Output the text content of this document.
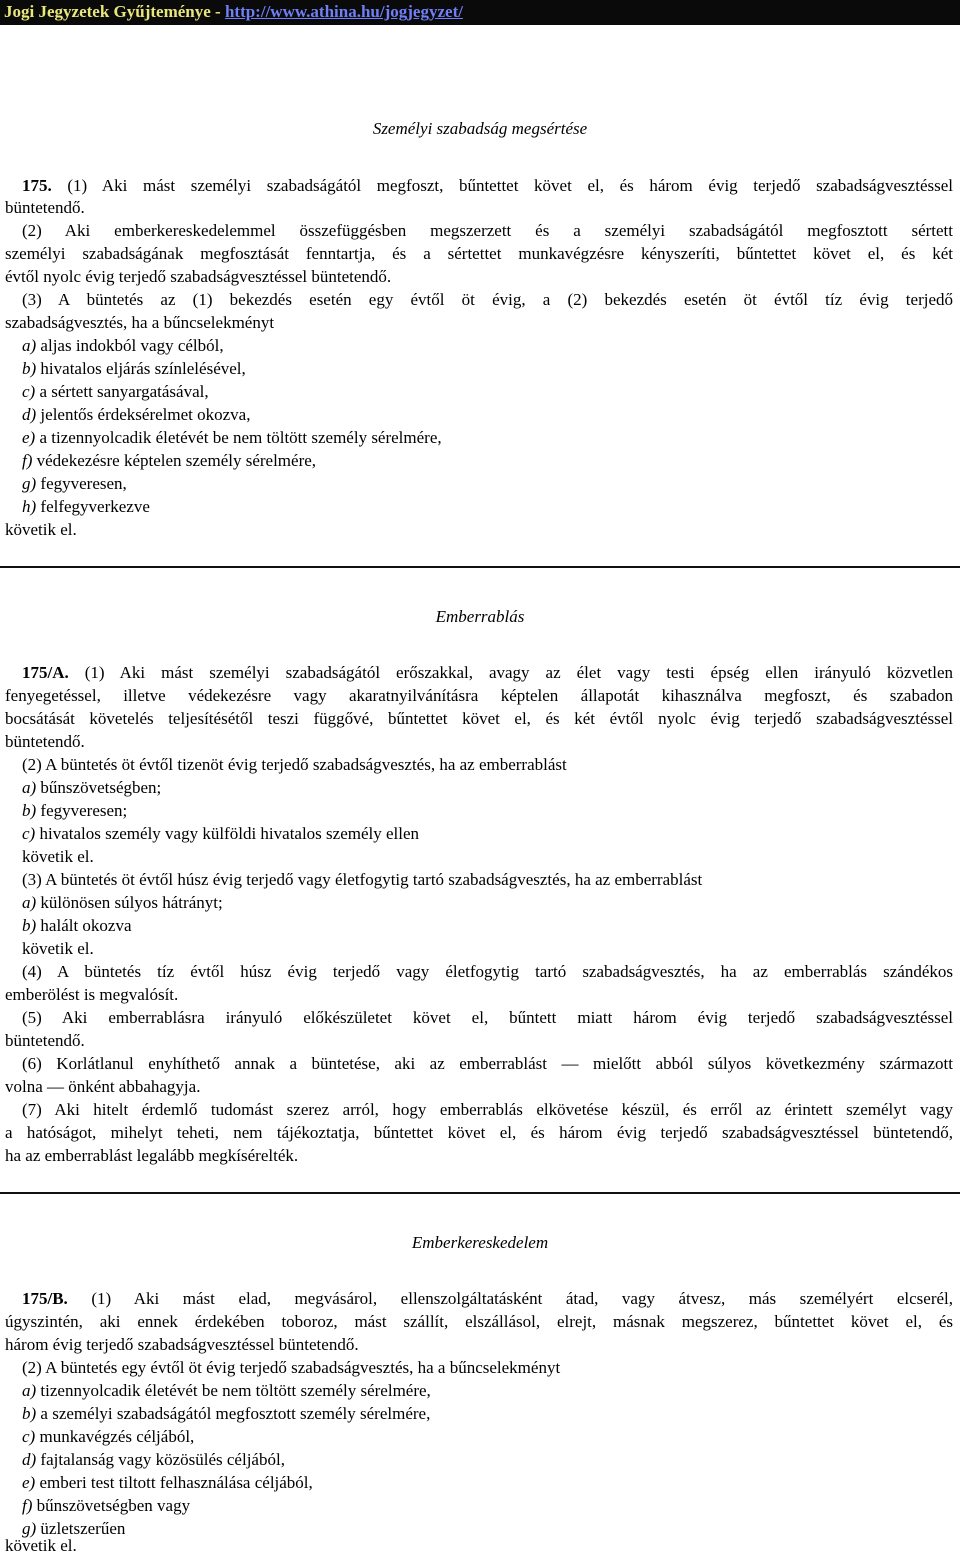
Jogi Jegyzetek Gyűjteménye - http://www.athina.hu/jogjegyzet/
Személyi szabadság megsértése
175. (1) Aki mást személyi szabadságától megfoszt, bűntettet követ el, és három évig terjedő szabadságvesztéssel
büntetendő.
(2) Aki emberkereskedelemmel összefüggésben megszerzett és a személyi szabadságától megfosztott sértett
személyi szabadságának megfosztását fenntartja, és a sértettet munkavégzésre kényszeríti, bűntettet követ el, és két
évtől nyolc évig terjedő szabadságvesztéssel büntetendő.
(3) A büntetés az (1) bekezdés esetén egy évtől öt évig, a (2) bekezdés esetén öt évtől tíz évig terjedő
szabadságvesztés, ha a bűncselekményt
a) aljas indokból vagy célból,
b) hivatalos eljárás színlelésével,
c) a sértett sanyargatásával,
d) jelentős érdeksérelmet okozva,
e) a tizennyolcadik életévét be nem töltött személy sérelmére,
f) védekezésre képtelen személy sérelmére,
g) fegyveresen,
h) felfegyverkezve
követik el.
Emberrablás
175/A. (1) Aki mást személyi szabadságától erőszakkal, avagy az élet vagy testi épség ellen irányuló közvetlen
fenyegetéssel, illetve védekezésre vagy akaratnyilvánításra képtelen állapotát kihasználva megfoszt, és szabadon
bocsátását követelés teljesítésétől teszi függővé, bűntettet követ el, és két évtől nyolc évig terjedő szabadságvesztéssel
büntetendő.
(2) A büntetés öt évtől tizenöt évig terjedő szabadságvesztés, ha az emberrablást
a) bűnszövetségben;
b) fegyveresen;
c) hivatalos személy vagy külföldi hivatalos személy ellen
követik el.
(3) A büntetés öt évtől húsz évig terjedő vagy életfogytig tartó szabadságvesztés, ha az emberrablást
a) különösen súlyos hátrányt;
b) halált okozva
követik el.
(4) A büntetés tíz évtől húsz évig terjedő vagy életfogytig tartó szabadságvesztés, ha az emberrablás szándékos
emberölést is megvalósít.
(5) Aki emberrablásra irányuló előkészületet követ el, bűntett miatt három évig terjedő szabadságvesztéssel
büntetendő.
(6) Korlátlanul enyhíthető annak a büntetése, aki az emberrablást — mielőtt abból súlyos következmény származott
volna — önként abbahagyja.
(7) Aki hitelt érdemlő tudomást szerez arról, hogy emberrablás elkövetése készül, és erről az érintett személyt vagy
a hatóságot, mihelyt teheti, nem tájékoztatja, bűntettet követ el, és három évig terjedő szabadságvesztéssel büntetendő,
ha az emberrablást legalább megkísérelték.
Emberkereskedelem
175/B. (1) Aki mást elad, megvásárol, ellenszolgáltatásként átad, vagy átvesz, más személyért elcserél,
úgyszintén, aki ennek érdekében toboroz, mást szállít, elszállásol, elrejt, másnak megszerez, bűntettet követ el, és
három évig terjedő szabadságvesztéssel büntetendő.
(2) A büntetés egy évtől öt évig terjedő szabadságvesztés, ha a bűncselekményt
a) tizennyolcadik életévét be nem töltött személy sérelmére,
b) a személyi szabadságától megfosztott személy sérelmére,
c) munkavégzés céljából,
d) fajtalanság vagy közösülés céljából,
e) emberi test tiltott felhasználása céljából,
f) bűnszövetségben vagy
g) üzletszerűen
követik el.
